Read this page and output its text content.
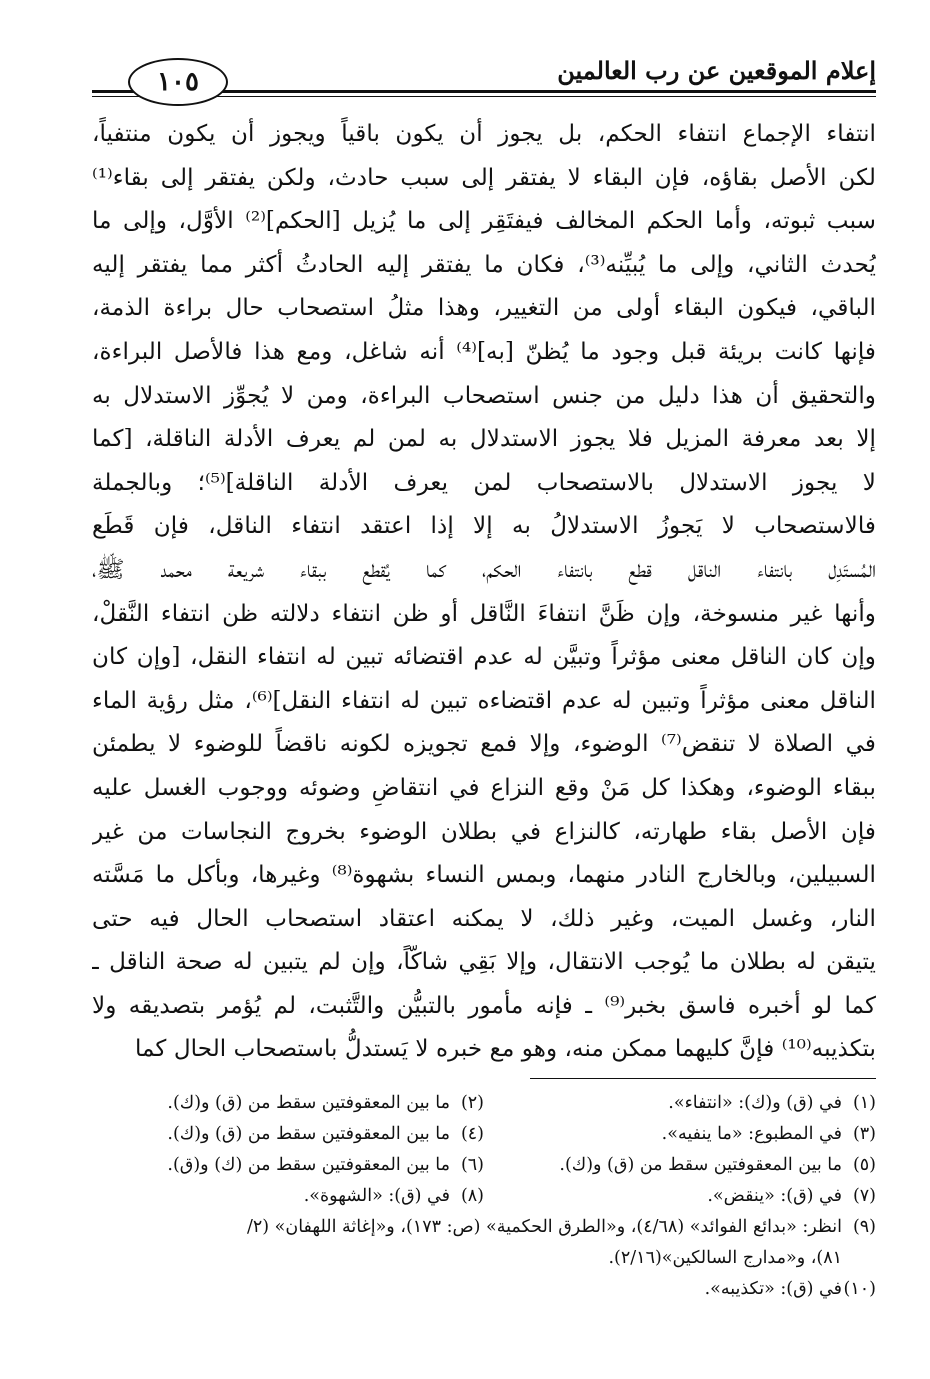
إعلام الموقعين عن رب العالمين
١٠٥
انتفاء الإجماع انتفاء الحكم، بل يجوز أن يكون باقياً ويجوز أن يكون منتفياً،
لكن الأصل بقاؤه، فإن البقاء لا يفتقر إلى سبب حادث، ولكن يفتقر إلى بقاء⁽¹⁾
سبب ثبوته، وأما الحكم المخالف فيفتَقِر إلى ما يُزيل [الحكم]⁽²⁾ الأوَّل، وإلى ما
يُحدث الثاني، وإلى ما يُبيِّنه⁽³⁾، فكان ما يفتقر إليه الحادثُ أكثر مما يفتقر إليه
الباقي، فيكون البقاء أولى من التغيير، وهذا مثلُ استصحاب حال براءة الذمة،
فإنها كانت بريئة قبل وجود ما يُظنّ [به]⁽⁴⁾ أنه شاغل، ومع هذا فالأصل البراءة،
والتحقيق أن هذا دليل من جنس استصحاب البراءة، ومن لا يُجوِّز الاستدلال به
إلا بعد معرفة المزيل فلا يجوز الاستدلال به لمن لم يعرف الأدلة الناقلة، [كما
لا يجوز الاستدلال بالاستصحاب لمن يعرف الأدلة الناقلة]⁽⁵⁾؛ وبالجملة
فالاستصحاب لا يَجوزُ الاستدلالُ به إلا إذا اعتقد انتفاء الناقل، فإن قَطَع
المُستَدِل بانتفاء الناقل قطع بانتفاء الحكم، كما يُقطع ببقاء شريعة محمد ﷺ،
وأنها غير منسوخة، وإن ظَنَّ انتفاءَ النَّاقل أو ظن انتفاء دلالته ظن انتفاء النَّقلْ،
وإن كان الناقل معنى مؤثراً وتبيَّن له عدم اقتضائه تبين له انتفاء النقل، [وإن كان
الناقل معنى مؤثراً وتبين له عدم اقتضاءه تبين له انتفاء النقل]⁽⁶⁾، مثل رؤية الماء
في الصلاة لا تنقض⁽⁷⁾ الوضوء، وإلا فمع تجويزه لكونه ناقضاً للوضوء لا يطمئن
ببقاء الوضوء، وهكذا كل مَنْ وقع النزاع في انتقاضِ وضوئه ووجوب الغسل عليه
فإن الأصل بقاء طهارته، كالنزاع في بطلان الوضوء بخروج النجاسات من غير
السبيلين، وبالخارج النادر منهما، وبمس النساء بشهوة⁽⁸⁾ وغيرها، وبأكل ما مَسَّته
النار، وغسل الميت، وغير ذلك، لا يمكنه اعتقاد استصحاب الحال فيه حتى
يتيقن له بطلان ما يُوجب الانتقال، وإلا بَقِي شاكّاً، وإن لم يتبين له صحة الناقل ـ
كما لو أخبره فاسق بخبر⁽⁹⁾ ـ فإنه مأمور بالتبيُّن والتَّثبت، لم يُؤمر بتصديقه ولا
بتكذيبه⁽¹⁰⁾ فإنَّ كليهما ممكن منه، وهو مع خبره لا يَستدلُّ باستصحاب الحال كما
(١)في (ق) و(ك): «انتفاء».
(٢)ما بين المعقوفتين سقط من (ق) و(ك).
(٣)في المطبوع: «ما ينفيه».
(٤)ما بين المعقوفتين سقط من (ق) و(ك).
(٥)ما بين المعقوفتين سقط من (ق) و(ك).
(٦)ما بين المعقوفتين سقط من (ك) و(ق).
(٧)في (ق): «ينقض».
(٨)في (ق): «الشهوة».
(٩)انظر: «بدائع الفوائد» (٤/٦٨)، و«الطرق الحكمية» (ص: ١٧٣)، و«إغاثة اللهفان» (٢/
٨١)، و«مدارج السالكين»(٢/١٦).
(١٠)في (ق): «تكذيبه».
